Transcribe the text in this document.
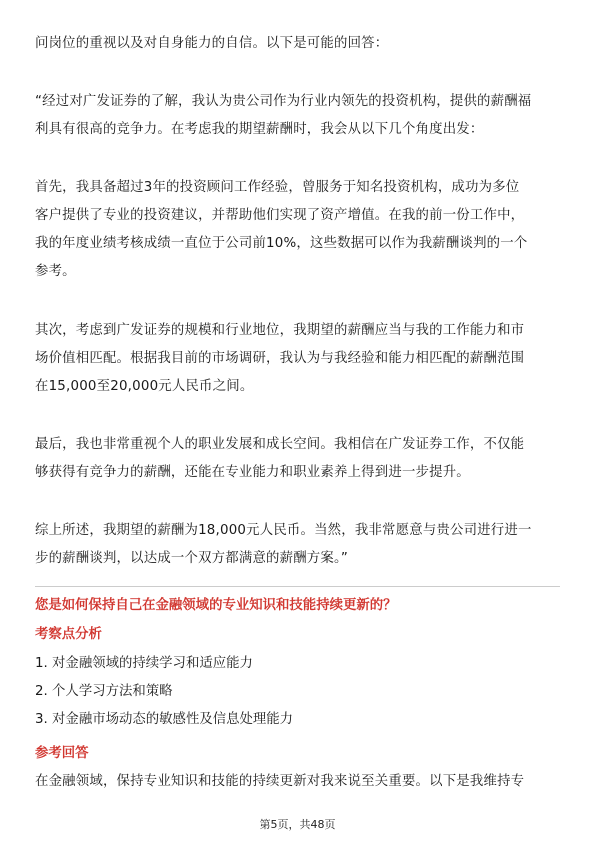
问岗位的重视以及对自身能力的自信。以下是可能的回答：
“经过对广发证券的了解，我认为贵公司作为行业内领先的投资机构，提供的薪酬福
利具有很高的竞争力。在考虑我的期望薪酬时，我会从以下几个角度出发：
首先，我具备超过3年的投资顾问工作经验，曾服务于知名投资机构，成功为多位
客户提供了专业的投资建议，并帮助他们实现了资产增值。在我的前一份工作中，
我的年度业绩考核成绩一直位于公司前10%，这些数据可以作为我薪酬谈判的一个
参考。
其次，考虑到广发证券的规模和行业地位，我期望的薪酬应当与我的工作能力和市
场价值相匹配。根据我目前的市场调研，我认为与我经验和能力相匹配的薪酬范围
在15,000至20,000元人民币之间。
最后，我也非常重视个人的职业发展和成长空间。我相信在广发证券工作，不仅能
够获得有竞争力的薪酬，还能在专业能力和职业素养上得到进一步提升。
综上所述，我期望的薪酬为18,000元人民币。当然，我非常愿意与贵公司进行进一
步的薪酬谈判，以达成一个双方都满意的薪酬方案。”

您是如何保持自己在金融领域的专业知识和技能持续更新的？

考察点分析

1. 对金融领域的持续学习和适应能力
2. 个人学习方法和策略
3. 对金融市场动态的敏感性及信息处理能力

参考回答

在金融领域，保持专业知识和技能的持续更新对我来说至关重要。以下是我维持专

第5页，共48页
